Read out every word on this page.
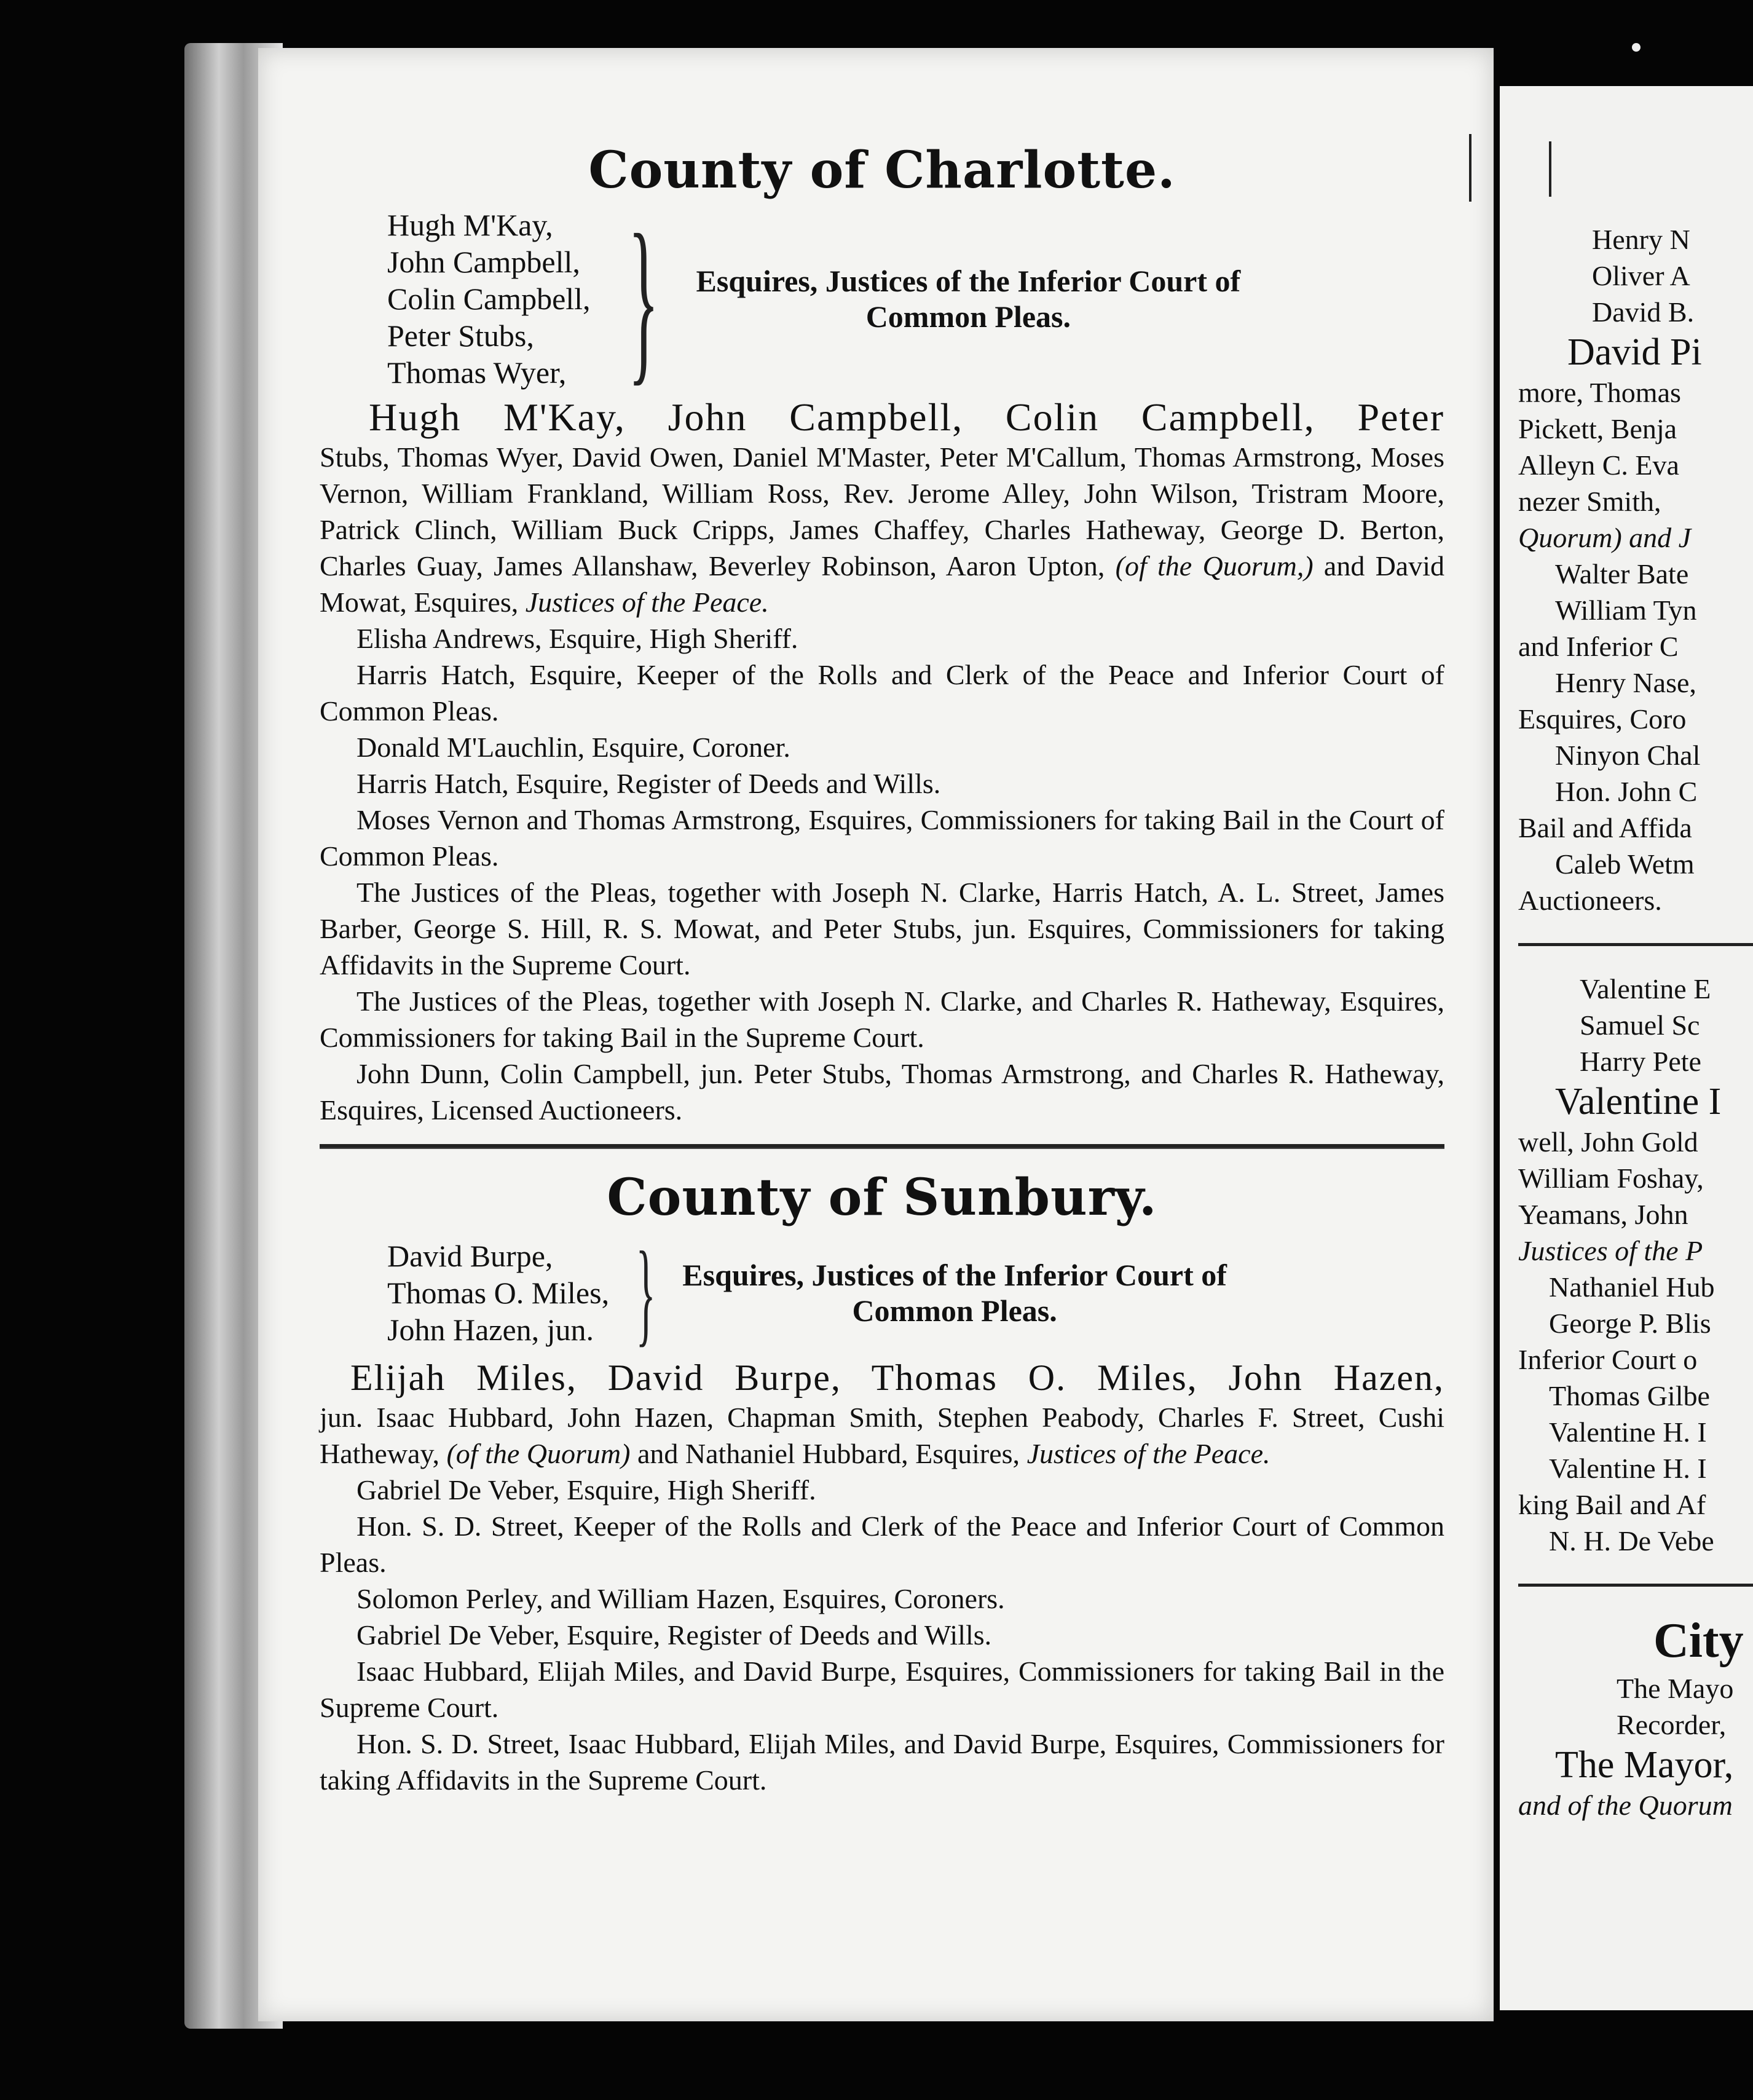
County of Charlotte.
Hugh M'Kay,
John Campbell,
Colin Campbell,
Peter Stubs,
Thomas Wyer, } Esquires, Justices of the Inferior Court of
Common Pleas.
Hugh M'Kay, John Campbell, Colin Campbell, Peter

Stubs, Thomas Wyer, David Owen, Daniel M'Master, Peter M'Callum, Thomas Armstrong, Moses Vernon, William Frankland, William Ross, Rev. Jerome Alley, John Wilson, Tristram Moore, Patrick Clinch, William Buck Cripps, James Chaffey, Charles Hatheway, George D. Berton, Charles Guay, James Allanshaw, Beverley Robinson, Aaron Upton, (of the Quorum,) and David Mowat, Esquires, Justices of the Peace.

Elisha Andrews, Esquire, High Sheriff.

Harris Hatch, Esquire, Keeper of the Rolls and Clerk of the Peace and Inferior Court of Common Pleas.

Donald M'Lauchlin, Esquire, Coroner.

Harris Hatch, Esquire, Register of Deeds and Wills.

Moses Vernon and Thomas Armstrong, Esquires, Commissioners for taking Bail in the Court of Common Pleas.

The Justices of the Pleas, together with Joseph N. Clarke, Harris Hatch, A. L. Street, James Barber, George S. Hill, R. S. Mowat, and Peter Stubs, jun. Esquires, Commissioners for taking Affidavits in the Supreme Court.

The Justices of the Pleas, together with Joseph N. Clarke, and Charles R. Hatheway, Esquires, Commissioners for taking Bail in the Supreme Court.

John Dunn, Colin Campbell, jun. Peter Stubs, Thomas Armstrong, and Charles R. Hatheway, Esquires, Licensed Auctioneers.

County of Sunbury.
David Burpe,
Thomas O. Miles,
John Hazen, jun. } Esquires, Justices of the Inferior Court of
Common Pleas.
Elijah Miles, David Burpe, Thomas O. Miles, John Hazen,

jun. Isaac Hubbard, John Hazen, Chapman Smith, Stephen Peabody, Charles F. Street, Cushi Hatheway, (of the Quorum) and Nathaniel Hubbard, Esquires, Justices of the Peace.

Gabriel De Veber, Esquire, High Sheriff.

Hon. S. D. Street, Keeper of the Rolls and Clerk of the Peace and Inferior Court of Common Pleas.

Solomon Perley, and William Hazen, Esquires, Coroners.

Gabriel De Veber, Esquire, Register of Deeds and Wills.

Isaac Hubbard, Elijah Miles, and David Burpe, Esquires, Commissioners for taking Bail in the Supreme Court.

Hon. S. D. Street, Isaac Hubbard, Elijah Miles, and David Burpe, Esquires, Commissioners for taking Affidavits in the Supreme Court.

Henry N
Oliver A
David B.
David Pi
more, Thomas
Pickett, Benja
Alleyn C. Eva
nezer Smith,
Quorum) and J
Walter Bate
William Tyn
and Inferior C
Henry Nase,
Esquires, Coro
Ninyon Chal
Hon. John C
Bail and Affida
Caleb Wetm
Auctioneers.
Valentine E
Samuel Sc
Harry Pete
Valentine I
well, John Gold
William Foshay,
Yeamans, John
Justices of the P
Nathaniel Hub
George P. Blis
Inferior Court o
Thomas Gilbe
Valentine H. I
Valentine H. I
king Bail and Af
N. H. De Vebe
City
The Mayo
Recorder,
The Mayor,
and of the Quorum
